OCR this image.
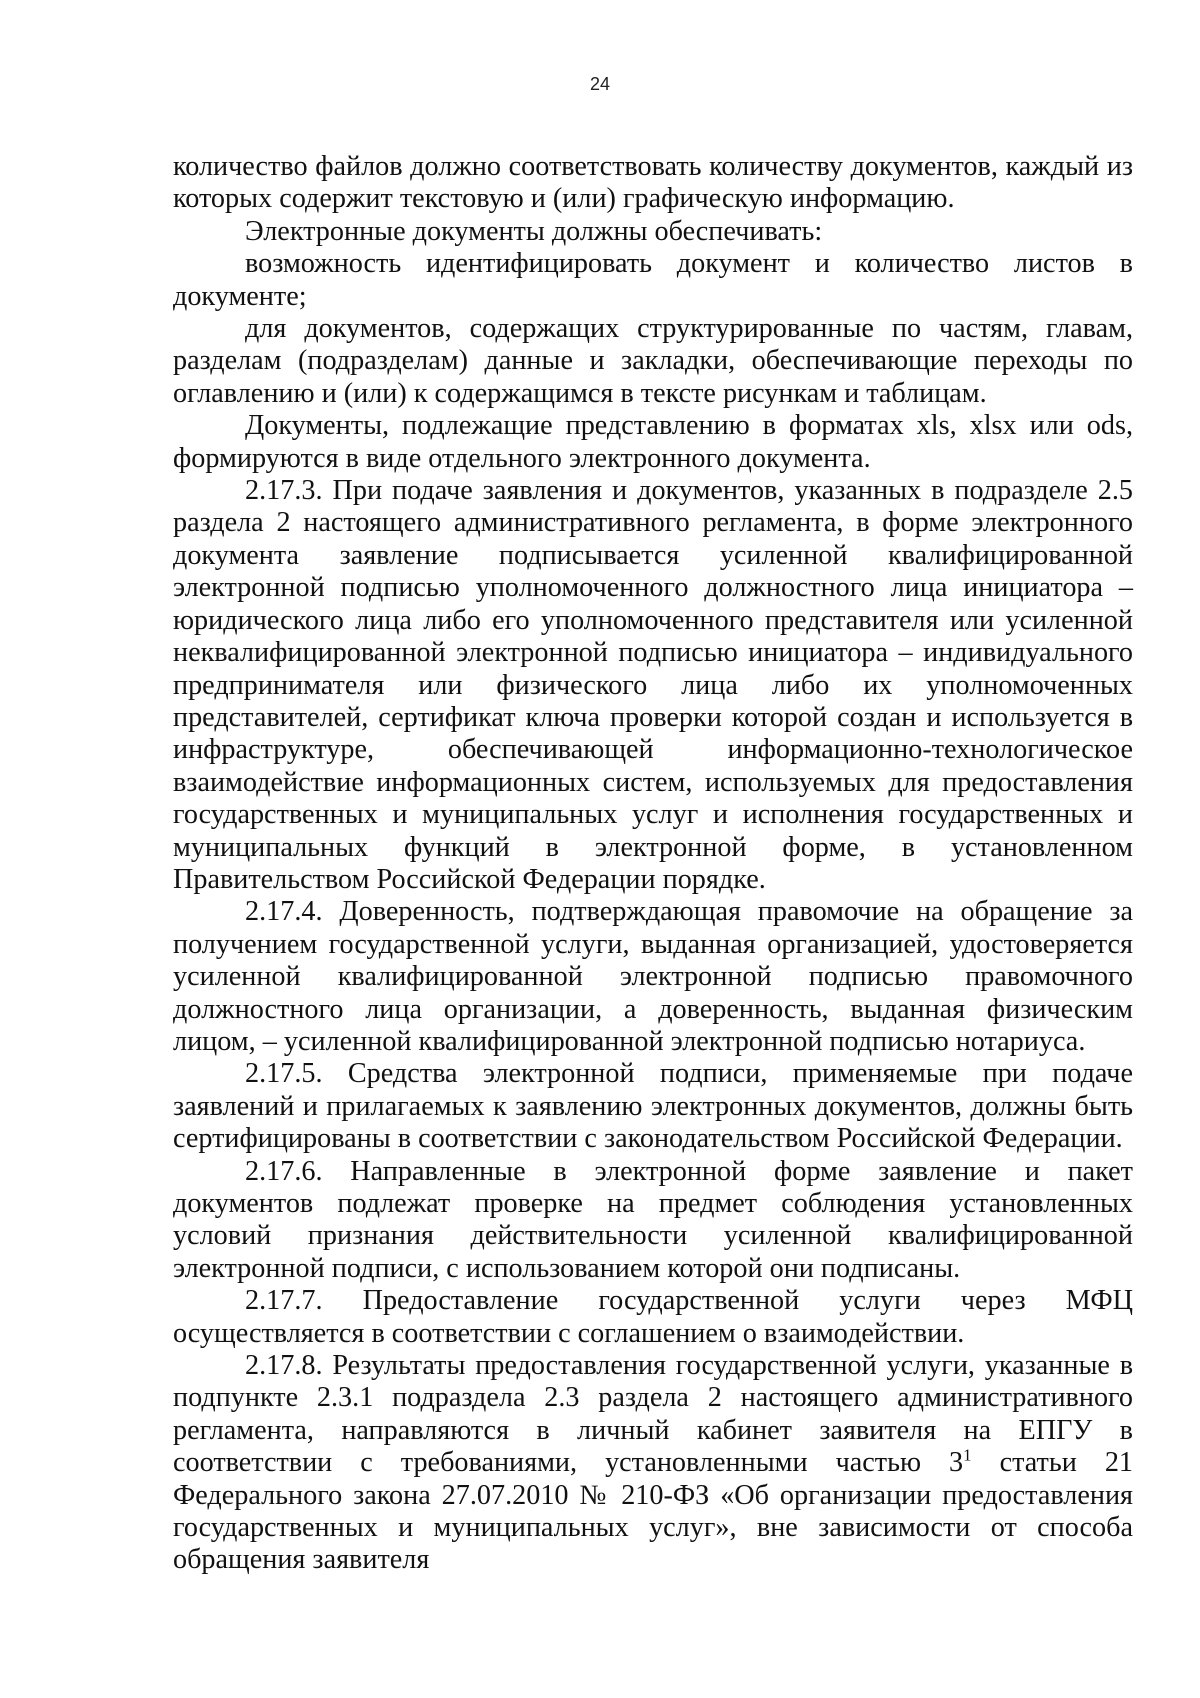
24

количество файлов должно соответствовать количеству документов, каждый из которых содержит текстовую и (или) графическую информацию.

Электронные документы должны обеспечивать:

возможность идентифицировать документ и количество листов в документе;

для документов, содержащих структурированные по частям, главам, разделам (подразделам) данные и закладки, обеспечивающие переходы по оглавлению и (или) к содержащимся в тексте рисункам и таблицам.

Документы, подлежащие представлению в форматах xls, xlsx или ods, формируются в виде отдельного электронного документа.

2.17.3. При подаче заявления и документов, указанных в подразделе 2.5 раздела 2 настоящего административного регламента, в форме электронного документа заявление подписывается усиленной квалифицированной электронной подписью уполномоченного должностного лица инициатора – юридического лица либо его уполномоченного представителя или усиленной неквалифицированной электронной подписью инициатора – индивидуального предпринимателя или физического лица либо их уполномоченных представителей, сертификат ключа проверки которой создан и используется в инфраструктуре, обеспечивающей информационно-технологическое взаимодействие информационных систем, используемых для предоставления государственных и муниципальных услуг и исполнения государственных и муниципальных функций в электронной форме, в установленном Правительством Российской Федерации порядке.

2.17.4. Доверенность, подтверждающая правомочие на обращение за получением государственной услуги, выданная организацией, удостоверяется усиленной квалифицированной электронной подписью правомочного должностного лица организации, а доверенность, выданная физическим лицом, – усиленной квалифицированной электронной подписью нотариуса.

2.17.5. Средства электронной подписи, применяемые при подаче заявлений и прилагаемых к заявлению электронных документов, должны быть сертифицированы в соответствии с законодательством Российской Федерации.

2.17.6. Направленные в электронной форме заявление и пакет документов подлежат проверке на предмет соблюдения установленных условий признания действительности усиленной квалифицированной электронной подписи, с использованием которой они подписаны.

2.17.7. Предоставление государственной услуги через МФЦ осуществляется в соответствии с соглашением о взаимодействии.

2.17.8. Результаты предоставления государственной услуги, указанные в подпункте 2.3.1 подраздела 2.3 раздела 2 настоящего административного регламента, направляются в личный кабинет заявителя на ЕПГУ в соответствии с требованиями, установленными частью $3^1$ статьи 21 Федерального закона 27.07.2010 № 210-ФЗ «Об организации предоставления государственных и муниципальных услуг», вне зависимости от способа обращения заявителя
